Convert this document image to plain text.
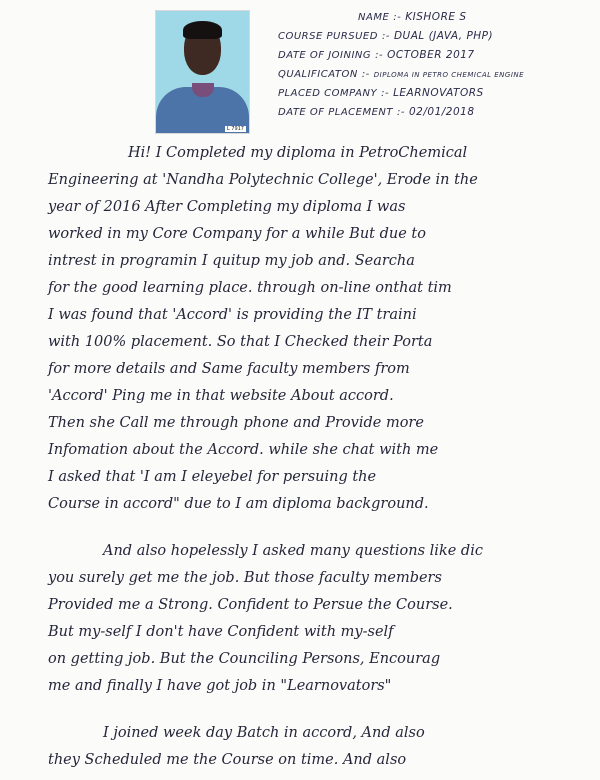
L 7917
NAME :- KISHORE S
COURSE PURSUED :- DUAL (JAVA, PHP)
DATE OF JOINING :- OCTOBER 2017
QUALIFICATON :- DIPLOMA IN PETRO CHEMICAL ENGINE
PLACED COMPANY :- LEARNOVATORS
DATE OF PLACEMENT :- 02/01/2018
Hi! I Completed my diploma in PetroChemical
Engineering at 'Nandha Polytechnic College', Erode in the
year of 2016 After Completing my diploma I was
worked in my Core Company for a while But due to
intrest in programin I quitup my job and. Searcha
for the good learning place. through on-line onthat tim
I was found that 'Accord' is providing the IT traini
with 100% placement. So that I Checked their Porta
for more details and Same faculty members from
'Accord' Ping me in that website About accord.
Then she Call me through phone and Provide more
Infomation about the Accord. while she chat with me
I asked that 'I am I eleyebel for persuing the
Course in accord" due to I am diploma background.
And also hopelessly I asked many questions like dic
you surely get me the job. But those faculty members
Provided me a Strong. Confident to Persue the Course.
But my-self I don't have Confident with my-self
on getting job. But the Counciling Persons, Encourag
me and finally I have got job in "Learnovators"
I joined week day Batch in accord, And also
they Scheduled me the Course on time. And also
